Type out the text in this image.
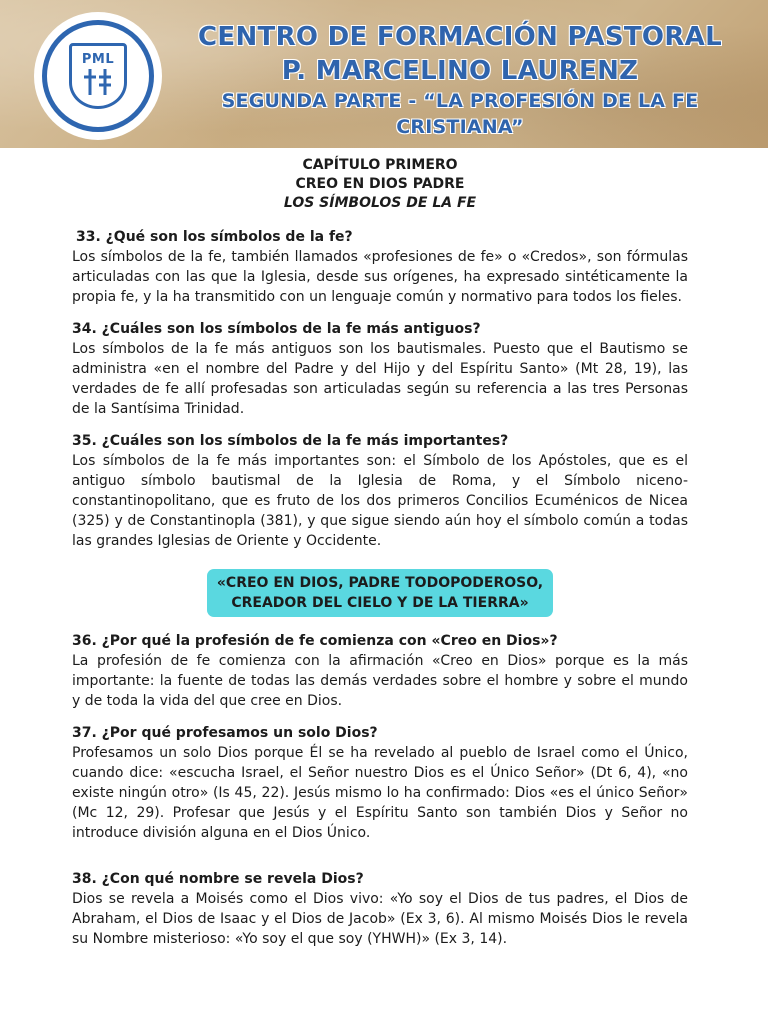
PML
CENTRO DE FORMACIÓN PASTORAL
P. MARCELINO LAURENZ
SEGUNDA PARTE - “LA PROFESIÓN DE LA FE CRISTIANA”
CAPÍTULO PRIMERO
CREO EN DIOS PADRE
LOS SÍMBOLOS DE LA FE
33. ¿Qué son los símbolos de la fe?
Los símbolos de la fe, también llamados «profesiones de fe» o «Credos», son fórmulas articuladas con las que la Iglesia, desde sus orígenes, ha expresado sintéticamente la propia fe, y la ha transmitido con un lenguaje común y normativo para todos los fieles.
34. ¿Cuáles son los símbolos de la fe más antiguos?
Los símbolos de la fe más antiguos son los bautismales. Puesto que el Bautismo se administra «en el nombre del Padre y del Hijo y del Espíritu Santo» (Mt 28, 19), las verdades de fe allí profesadas son articuladas según su referencia a las tres Personas de la Santísima Trinidad.
35. ¿Cuáles son los símbolos de la fe más importantes?
Los símbolos de la fe más importantes son: el Símbolo de los Apóstoles, que es el antiguo símbolo bautismal de la Iglesia de Roma, y el Símbolo niceno-constantinopolitano, que es fruto de los dos primeros Concilios Ecuménicos de Nicea (325) y de Constantinopla (381), y que sigue siendo aún hoy el símbolo común a todas las grandes Iglesias de Oriente y Occidente.
«CREO EN DIOS, PADRE TODOPODEROSO,
CREADOR DEL CIELO Y DE LA TIERRA»
36. ¿Por qué la profesión de fe comienza con «Creo en Dios»?
La profesión de fe comienza con la afirmación «Creo en Dios» porque es la más importante: la fuente de todas las demás verdades sobre el hombre y sobre el mundo y de toda la vida del que cree en Dios.
37. ¿Por qué profesamos un solo Dios?
Profesamos un solo Dios porque Él se ha revelado al pueblo de Israel como el Único, cuando dice: «escucha Israel, el Señor nuestro Dios es el Único Señor» (Dt 6, 4), «no existe ningún otro» (Is 45, 22). Jesús mismo lo ha confirmado: Dios «es el único Señor» (Mc 12, 29). Profesar que Jesús y el Espíritu Santo son también Dios y Señor no introduce división alguna en el Dios Único.
38. ¿Con qué nombre se revela Dios?
Dios se revela a Moisés como el Dios vivo: «Yo soy el Dios de tus padres, el Dios de Abraham, el Dios de Isaac y el Dios de Jacob» (Ex 3, 6). Al mismo Moisés Dios le revela su Nombre misterioso: «Yo soy el que soy (YHWH)» (Ex 3, 14).
